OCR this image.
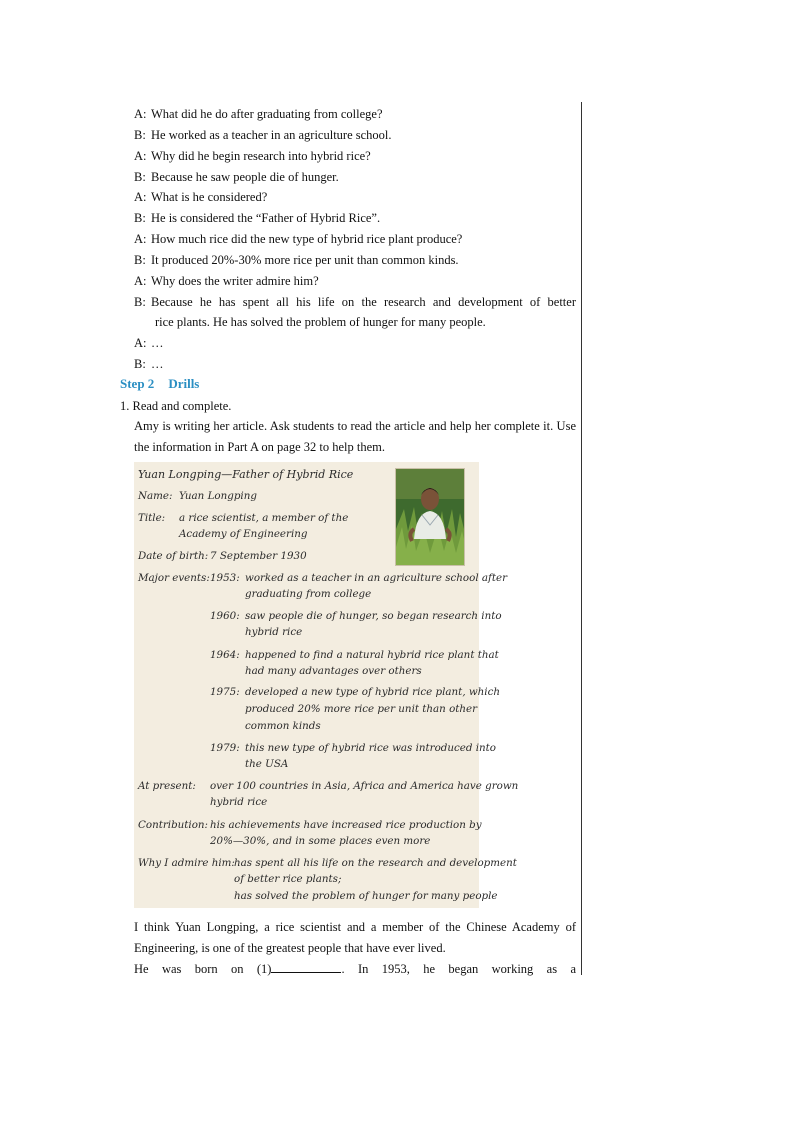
A: What did he do after graduating from college?
B: He worked as a teacher in an agriculture school.
A: Why did he begin research into hybrid rice?
B: Because he saw people die of hunger.
A: What is he considered?
B: He is considered the “Father of Hybrid Rice”.
A: How much rice did the new type of hybrid rice plant produce?
B: It produced 20%-30% more rice per unit than common kinds.
A: Why does the writer admire him?
B: Because he has spent all his life on the research and development of better
rice plants. He has solved the problem of hunger for many people.
A: …
B: …
Step 2 Drills
1. Read and complete.
Amy is writing her article. Ask students to read the article and help her complete it. Use the information in Part A on page 32 to help them.
Yuan Longping—Father of Hybrid Rice
Name: Yuan Longping
Title: a rice scientist, a member of the
Academy of Engineering
Date of birth: 7 September 1930
Major events: 1953: worked as a teacher in an agriculture school after
graduating from college
1960: saw people die of hunger, so began research into
hybrid rice
1964: happened to find a natural hybrid rice plant that
had many advantages over others
1975: developed a new type of hybrid rice plant, which
produced 20% more rice per unit than other
common kinds
1979: this new type of hybrid rice was introduced into
the USA
At present: over 100 countries in Asia, Africa and America have grown
hybrid rice
Contribution: his achievements have increased rice production by
20%—30%, and in some places even more
Why I admire him: has spent all his life on the research and development
of better rice plants;
has solved the problem of hunger for many people
I think Yuan Longping, a rice scientist and a member of the Chinese Academy of Engineering, is one of the greatest people that have ever lived.
He was born on (1)	. In 1953, he began working as a
